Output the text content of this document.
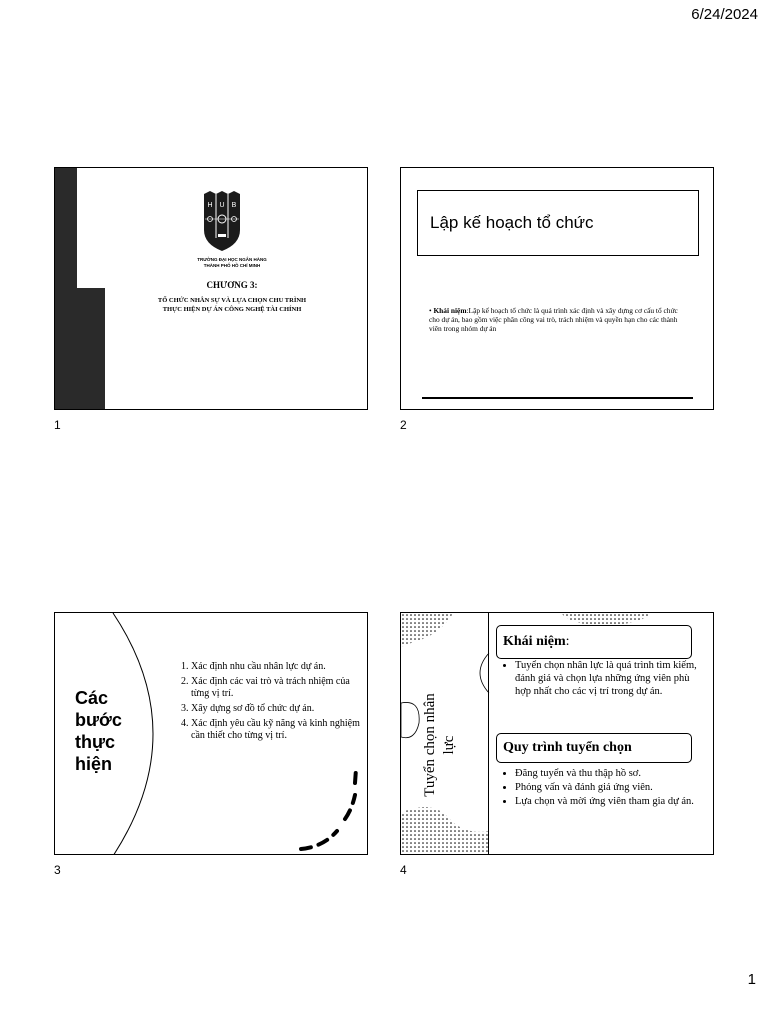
6/24/2024
H U B
TRƯỜNG ĐẠI HỌC NGÂN HÀNG
THÀNH PHỐ HỒ CHÍ MINH
CHƯƠNG 3:
TỔ CHỨC NHÂN SỰ VÀ LỰA CHỌN CHU TRÌNH
THỰC HIỆN DỰ ÁN CÔNG NGHỆ TÀI CHÍNH
1
Lập kế hoạch tổ chức
• Khái niệm:Lập kế hoạch tổ chức là quá trình xác định và xây dựng cơ cấu tổ chức cho dự án, bao gồm việc phân công vai trò, trách nhiệm và quyền hạn cho các thành viên trong nhóm dự án
2
Các
bước
thực
hiện
1. Xác định nhu cầu nhân lực dự án.
2. Xác định các vai trò và trách nhiệm của từng vị trí.
3. Xây dựng sơ đồ tổ chức dự án.
4. Xác định yêu cầu kỹ năng và kinh nghiệm cần thiết cho từng vị trí.
3
Tuyển chọn nhân lực
Khái niệm:
• Tuyển chọn nhân lực là quá trình tìm kiếm, đánh giá và chọn lựa những ứng viên phù hợp nhất cho các vị trí trong dự án.
Quy trình tuyển chọn
• Đăng tuyển và thu thập hồ sơ.
• Phỏng vấn và đánh giá ứng viên.
• Lựa chọn và mời ứng viên tham gia dự án.
4
1
